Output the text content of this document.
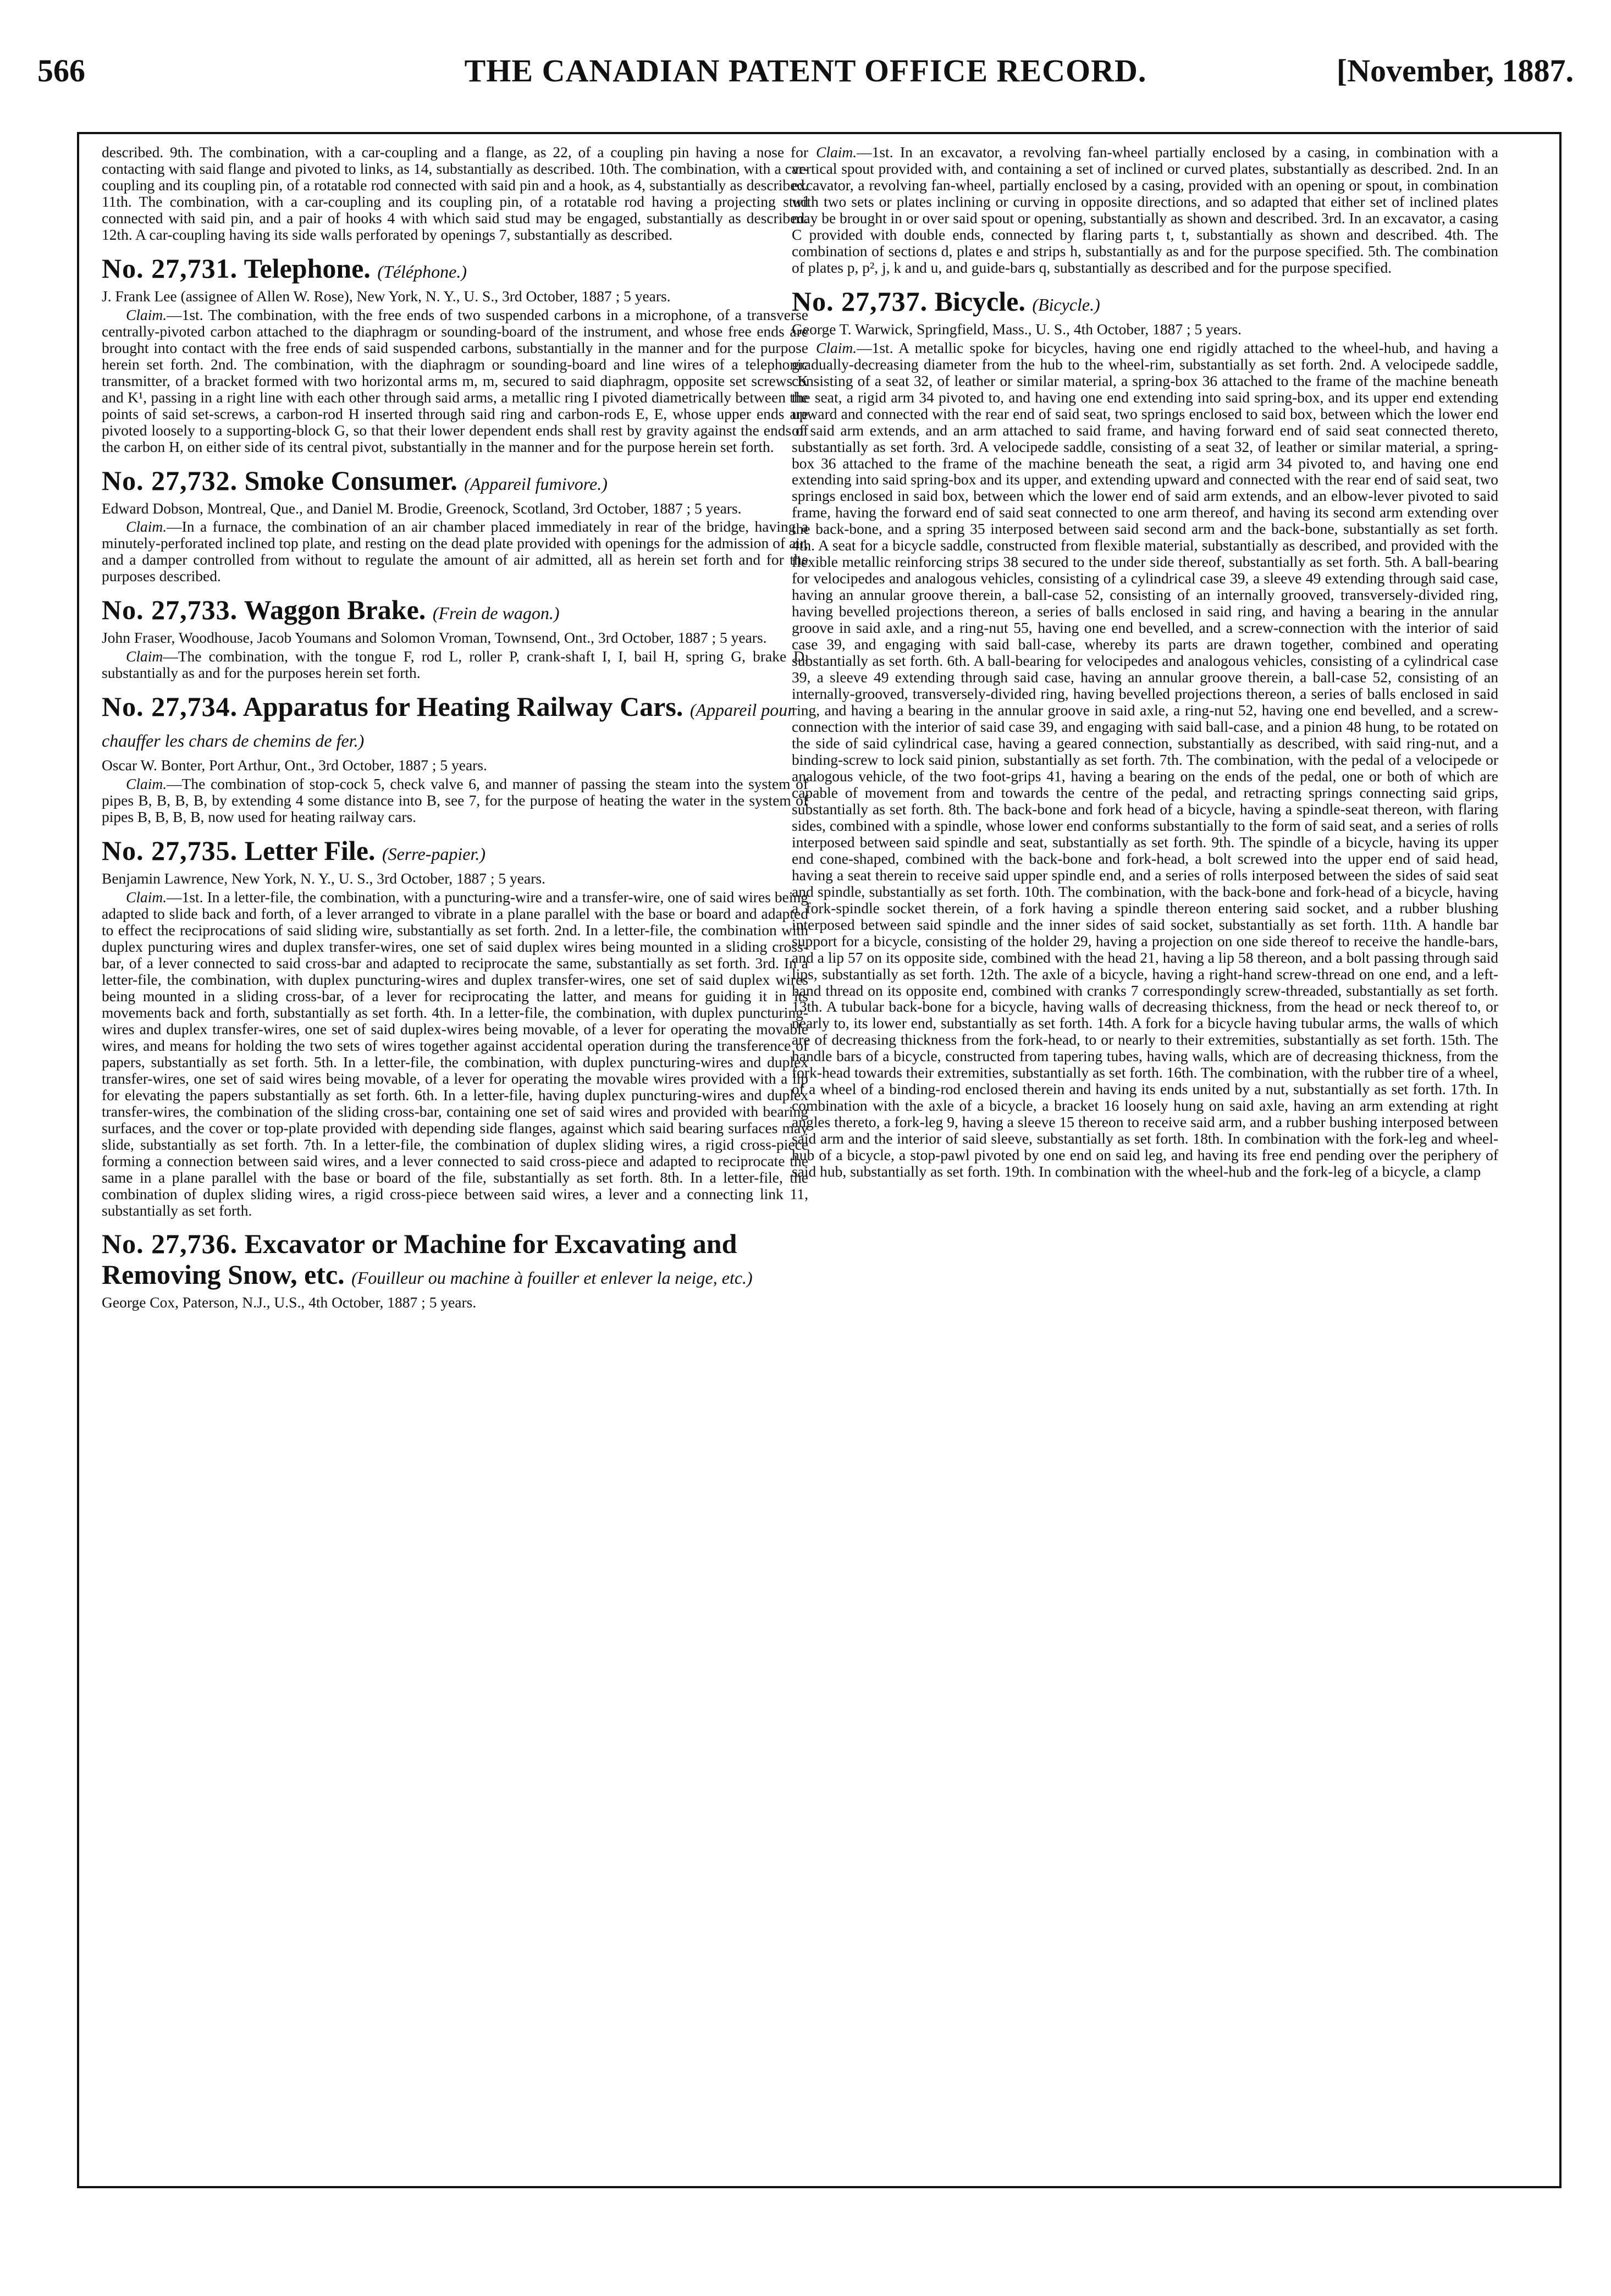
566	THE CANADIAN PATENT OFFICE RECORD.	[November, 1887.

described. 9th. The combination, with a car-coupling and a flange, as 22, of a coupling pin having a nose for contacting with said flange and pivoted to links, as 14, substantially as described. 10th. The combination, with a car-coupling and its coupling pin, of a rotatable rod connected with said pin and a hook, as 4, substantially as described. 11th. The combination, with a car-coupling and its coupling pin, of a rotatable rod having a projecting stud connected with said pin, and a pair of hooks 4 with which said stud may be engaged, substantially as described. 12th. A car-coupling having its side walls perforated by openings 7, substantially as described.

No. 27,731. Telephone. (Téléphone.)

J. Frank Lee (assignee of Allen W. Rose), New York, N. Y., U. S., 3rd October, 1887 ; 5 years.

Claim.—1st. The combination, with the free ends of two suspended carbons in a microphone, of a transverse centrally-pivoted carbon attached to the diaphragm or sounding-board of the instrument, and whose free ends are brought into contact with the free ends of said suspended carbons, substantially in the manner and for the purpose herein set forth. 2nd. The combination, with the diaphragm or sounding-board and line wires of a telephonic transmitter, of a bracket formed with two horizontal arms m, m, secured to said diaphragm, opposite set screws K and K¹, passing in a right line with each other through said arms, a metallic ring I pivoted diametrically between the points of said set-screws, a carbon-rod H inserted through said ring and carbon-rods E, E, whose upper ends are pivoted loosely to a supporting-block G, so that their lower dependent ends shall rest by gravity against the ends of the carbon H, on either side of its central pivot, substantially in the manner and for the purpose herein set forth.

No. 27,732. Smoke Consumer. (Appareil fumivore.)

Edward Dobson, Montreal, Que., and Daniel M. Brodie, Greenock, Scotland, 3rd October, 1887 ; 5 years.

Claim.—In a furnace, the combination of an air chamber placed immediately in rear of the bridge, having a minutely-perforated inclined top plate, and resting on the dead plate provided with openings for the admission of air, and a damper controlled from without to regulate the amount of air admitted, all as herein set forth and for the purposes described.

No. 27,733. Waggon Brake. (Frein de wagon.)

John Fraser, Woodhouse, Jacob Youmans and Solomon Vroman, Townsend, Ont., 3rd October, 1887 ; 5 years.

Claim—The combination, with the tongue F, rod L, roller P, crank-shaft I, I, bail H, spring G, brake D, substantially as and for the purposes herein set forth.

No. 27,734. Apparatus for Heating Railway Cars. (Appareil pour chauffer les chars de chemins de fer.)

Oscar W. Bonter, Port Arthur, Ont., 3rd October, 1887 ; 5 years.

Claim.—The combination of stop-cock 5, check valve 6, and manner of passing the steam into the system of pipes B, B, B, B, by extending 4 some distance into B, see 7, for the purpose of heating the water in the system of pipes B, B, B, B, now used for heating railway cars.

No. 27,735. Letter File. (Serre-papier.)

Benjamin Lawrence, New York, N. Y., U. S., 3rd October, 1887 ; 5 years.

Claim.—1st. In a letter-file, the combination, with a puncturing-wire and a transfer-wire, one of said wires being adapted to slide back and forth, of a lever arranged to vibrate in a plane parallel with the base or board and adapted to effect the reciprocations of said sliding wire, substantially as set forth. 2nd. In a letter-file, the combination with duplex puncturing wires and duplex transfer-wires, one set of said duplex wires being mounted in a sliding cross-bar, of a lever connected to said cross-bar and adapted to reciprocate the same, substantially as set forth. 3rd. In a letter-file, the combination, with duplex puncturing-wires and duplex transfer-wires, one set of said duplex wires being mounted in a sliding cross-bar, of a lever for reciprocating the latter, and means for guiding it in its movements back and forth, substantially as set forth. 4th. In a letter-file, the combination, with duplex puncturing-wires and duplex transfer-wires, one set of said duplex-wires being movable, of a lever for operating the movable wires, and means for holding the two sets of wires together against accidental operation during the transference of papers, substantially as set forth. 5th. In a letter-file, the combination, with duplex puncturing-wires and duplex transfer-wires, one set of said wires being movable, of a lever for operating the movable wires provided with a lip for elevating the papers substantially as set forth. 6th. In a letter-file, having duplex puncturing-wires and duplex transfer-wires, the combination of the sliding cross-bar, containing one set of said wires and provided with bearing surfaces, and the cover or top-plate provided with depending side flanges, against which said bearing surfaces may slide, substantially as set forth. 7th. In a letter-file, the combination of duplex sliding wires, a rigid cross-piece forming a connection between said wires, and a lever connected to said cross-piece and adapted to reciprocate the same in a plane parallel with the base or board of the file, substantially as set forth. 8th. In a letter-file, the combination of duplex sliding wires, a rigid cross-piece between said wires, a lever and a connecting link 11, substantially as set forth.

No. 27,736. Excavator or Machine for Excavating and Removing Snow, etc. (Fouilleur ou machine à fouiller et enlever la neige, etc.)

George Cox, Paterson, N.J., U.S., 4th October, 1887 ; 5 years.

Claim.—1st. In an excavator, a revolving fan-wheel partially enclosed by a casing, in combination with a vertical spout provided with, and containing a set of inclined or curved plates, substantially as described. 2nd. In an excavator, a revolving fan-wheel, partially enclosed by a casing, provided with an opening or spout, in combination with two sets or plates inclining or curving in opposite directions, and so adapted that either set of inclined plates may be brought in or over said spout or opening, substantially as shown and described. 3rd. In an excavator, a casing C provided with double ends, connected by flaring parts t, t, substantially as shown and described. 4th. The combination of sections d, plates e and strips h, substantially as and for the purpose specified. 5th. The combination of plates p, p², j, k and u, and guide-bars q, substantially as described and for the purpose specified.

No. 27,737. Bicycle. (Bicycle.)

George T. Warwick, Springfield, Mass., U. S., 4th October, 1887 ; 5 years.

Claim.—1st. A metallic spoke for bicycles, having one end rigidly attached to the wheel-hub, and having a gradually-decreasing diameter from the hub to the wheel-rim, substantially as set forth. 2nd. A velocipede saddle, consisting of a seat 32, of leather or similar material, a spring-box 36 attached to the frame of the machine beneath the seat, a rigid arm 34 pivoted to, and having one end extending into said spring-box, and its upper end extending upward and connected with the rear end of said seat, two springs enclosed to said box, between which the lower end of said arm extends, and an arm attached to said frame, and having forward end of said seat connected thereto, substantially as set forth. 3rd. A velocipede saddle, consisting of a seat 32, of leather or similar material, a spring-box 36 attached to the frame of the machine beneath the seat, a rigid arm 34 pivoted to, and having one end extending into said spring-box and its upper, and extending upward and connected with the rear end of said seat, two springs enclosed in said box, between which the lower end of said arm extends, and an elbow-lever pivoted to said frame, having the forward end of said seat connected to one arm thereof, and having its second arm extending over the back-bone, and a spring 35 interposed between said second arm and the back-bone, substantially as set forth. 4th. A seat for a bicycle saddle, constructed from flexible material, substantially as described, and provided with the flexible metallic reinforcing strips 38 secured to the under side thereof, substantially as set forth. 5th. A ball-bearing for velocipedes and analogous vehicles, consisting of a cylindrical case 39, a sleeve 49 extending through said case, having an annular groove therein, a ball-case 52, consisting of an internally grooved, transversely-divided ring, having bevelled projections thereon, a series of balls enclosed in said ring, and having a bearing in the annular groove in said axle, and a ring-nut 55, having one end bevelled, and a screw-connection with the interior of said case 39, and engaging with said ball-case, whereby its parts are drawn together, combined and operating substantially as set forth. 6th. A ball-bearing for velocipedes and analogous vehicles, consisting of a cylindrical case 39, a sleeve 49 extending through said case, having an annular groove therein, a ball-case 52, consisting of an internally-grooved, transversely-divided ring, having bevelled projections thereon, a series of balls enclosed in said ring, and having a bearing in the annular groove in said axle, a ring-nut 52, having one end bevelled, and a screw-connection with the interior of said case 39, and engaging with said ball-case, and a pinion 48 hung, to be rotated on the side of said cylindrical case, having a geared connection, substantially as described, with said ring-nut, and a binding-screw to lock said pinion, substantially as set forth. 7th. The combination, with the pedal of a velocipede or analogous vehicle, of the two foot-grips 41, having a bearing on the ends of the pedal, one or both of which are capable of movement from and towards the centre of the pedal, and retracting springs connecting said grips, substantially as set forth. 8th. The back-bone and fork head of a bicycle, having a spindle-seat thereon, with flaring sides, combined with a spindle, whose lower end conforms substantially to the form of said seat, and a series of rolls interposed between said spindle and seat, substantially as set forth. 9th. The spindle of a bicycle, having its upper end cone-shaped, combined with the back-bone and fork-head, a bolt screwed into the upper end of said head, having a seat therein to receive said upper spindle end, and a series of rolls interposed between the sides of said seat and spindle, substantially as set forth. 10th. The combination, with the back-bone and fork-head of a bicycle, having a fork-spindle socket therein, of a fork having a spindle thereon entering said socket, and a rubber blushing interposed between said spindle and the inner sides of said socket, substantially as set forth. 11th. A handle bar support for a bicycle, consisting of the holder 29, having a projection on one side thereof to receive the handle-bars, and a lip 57 on its opposite side, combined with the head 21, having a lip 58 thereon, and a bolt passing through said lips, substantially as set forth. 12th. The axle of a bicycle, having a right-hand screw-thread on one end, and a left-hand thread on its opposite end, combined with cranks 7 correspondingly screw-threaded, substantially as set forth. 13th. A tubular back-bone for a bicycle, having walls of decreasing thickness, from the head or neck thereof to, or nearly to, its lower end, substantially as set forth. 14th. A fork for a bicycle having tubular arms, the walls of which are of decreasing thickness from the fork-head, to or nearly to their extremities, substantially as set forth. 15th. The handle bars of a bicycle, constructed from tapering tubes, having walls, which are of decreasing thickness, from the fork-head towards their extremities, substantially as set forth. 16th. The combination, with the rubber tire of a wheel, of a wheel of a binding-rod enclosed therein and having its ends united by a nut, substantially as set forth. 17th. In combination with the axle of a bicycle, a bracket 16 loosely hung on said axle, having an arm extending at right angles thereto, a fork-leg 9, having a sleeve 15 thereon to receive said arm, and a rubber bushing interposed between said arm and the interior of said sleeve, substantially as set forth. 18th. In combination with the fork-leg and wheel-hub of a bicycle, a stop-pawl pivoted by one end on said leg, and having its free end pending over the periphery of said hub, substantially as set forth. 19th. In combination with the wheel-hub and the fork-leg of a bicycle, a clamp
